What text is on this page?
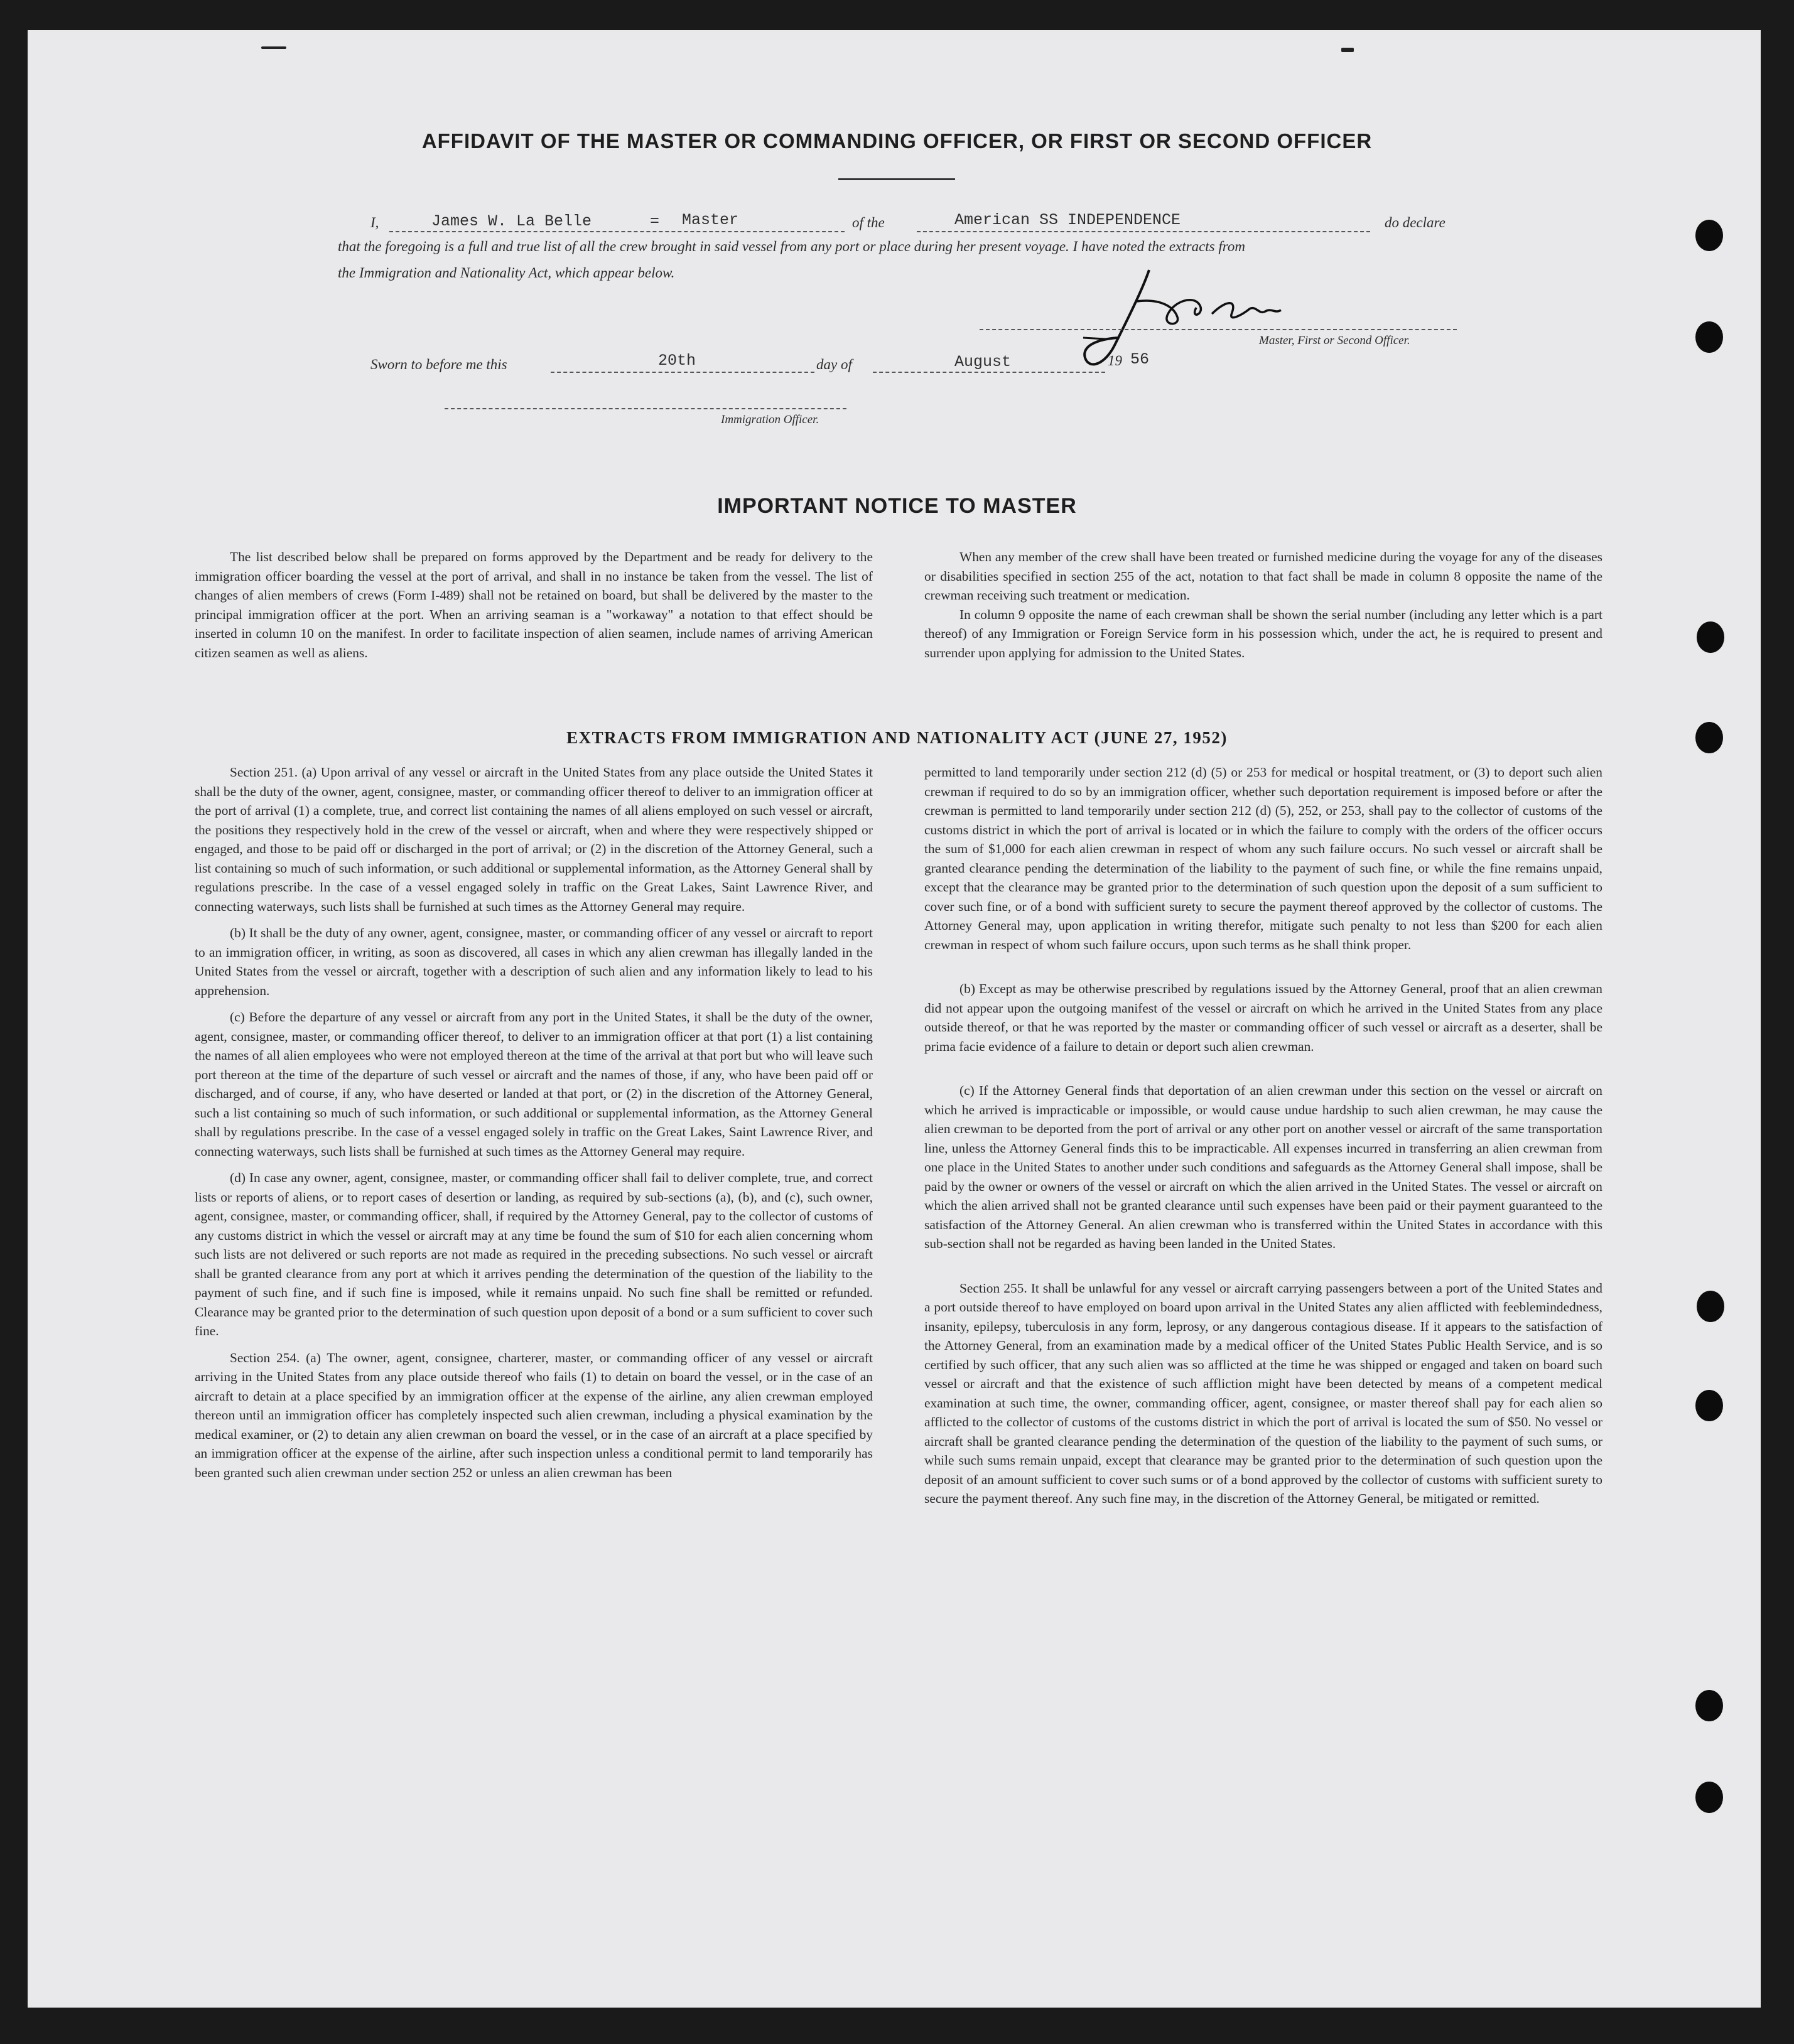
AFFIDAVIT OF THE MASTER OR COMMANDING OFFICER, OR FIRST OR SECOND OFFICER
I,	James W. La Belle	= Master	of the	American SS INDEPENDENCE	do declare
that the foregoing is a full and true list of all the crew brought in said vessel from any port or place during her present voyage. I have noted the extracts from
the Immigration and Nationality Act, which appear below.
Master, First or Second Officer.
Sworn to before me this	20th	day of	August	19 56
Immigration Officer.
IMPORTANT NOTICE TO MASTER

The list described below shall be prepared on forms approved by the Department and be ready for delivery to the immigration officer boarding the vessel at the port of arrival, and shall in no instance be taken from the vessel. The list of changes of alien members of crews (Form I-489) shall not be retained on board, but shall be delivered by the master to the principal immigration officer at the port. When an arriving seaman is a "workaway" a notation to that effect should be inserted in column 10 on the manifest. In order to facilitate inspection of alien seamen, include names of arriving American citizen seamen as well as aliens.

When any member of the crew shall have been treated or furnished medicine during the voyage for any of the diseases or disabilities specified in section 255 of the act, notation to that fact shall be made in column 8 opposite the name of the crewman receiving such treatment or medication.

In column 9 opposite the name of each crewman shall be shown the serial number (including any letter which is a part thereof) of any Immigration or Foreign Service form in his possession which, under the act, he is required to present and surrender upon applying for admission to the United States.

EXTRACTS FROM IMMIGRATION AND NATIONALITY ACT (JUNE 27, 1952)

Section 251. (a) Upon arrival of any vessel or aircraft in the United States from any place outside the United States it shall be the duty of the owner, agent, consignee, master, or commanding officer thereof to deliver to an immigration officer at the port of arrival (1) a complete, true, and correct list containing the names of all aliens employed on such vessel or aircraft, the positions they respectively hold in the crew of the vessel or aircraft, when and where they were respectively shipped or engaged, and those to be paid off or discharged in the port of arrival; or (2) in the discretion of the Attorney General, such a list containing so much of such information, or such additional or supplemental information, as the Attorney General shall by regulations prescribe. In the case of a vessel engaged solely in traffic on the Great Lakes, Saint Lawrence River, and connecting waterways, such lists shall be furnished at such times as the Attorney General may require.

(b) It shall be the duty of any owner, agent, consignee, master, or commanding officer of any vessel or aircraft to report to an immigration officer, in writing, as soon as discovered, all cases in which any alien crewman has illegally landed in the United States from the vessel or aircraft, together with a description of such alien and any information likely to lead to his apprehension.

(c) Before the departure of any vessel or aircraft from any port in the United States, it shall be the duty of the owner, agent, consignee, master, or commanding officer thereof, to deliver to an immigration officer at that port (1) a list containing the names of all alien employees who were not employed thereon at the time of the arrival at that port but who will leave such port thereon at the time of the departure of such vessel or aircraft and the names of those, if any, who have been paid off or discharged, and of course, if any, who have deserted or landed at that port, or (2) in the discretion of the Attorney General, such a list containing so much of such information, or such additional or supplemental information, as the Attorney General shall by regulations prescribe. In the case of a vessel engaged solely in traffic on the Great Lakes, Saint Lawrence River, and connecting waterways, such lists shall be furnished at such times as the Attorney General may require.

(d) In case any owner, agent, consignee, master, or commanding officer shall fail to deliver complete, true, and correct lists or reports of aliens, or to report cases of desertion or landing, as required by sub-sections (a), (b), and (c), such owner, agent, consignee, master, or commanding officer, shall, if required by the Attorney General, pay to the collector of customs of any customs district in which the vessel or aircraft may at any time be found the sum of $10 for each alien concerning whom such lists are not delivered or such reports are not made as required in the preceding subsections. No such vessel or aircraft shall be granted clearance from any port at which it arrives pending the determination of the question of the liability to the payment of such fine, and if such fine is imposed, while it remains unpaid. No such fine shall be remitted or refunded. Clearance may be granted prior to the determination of such question upon deposit of a bond or a sum sufficient to cover such fine.

Section 254. (a) The owner, agent, consignee, charterer, master, or commanding officer of any vessel or aircraft arriving in the United States from any place outside thereof who fails (1) to detain on board the vessel, or in the case of an aircraft to detain at a place specified by an immigration officer at the expense of the airline, any alien crewman employed thereon until an immigration officer has completely inspected such alien crewman, including a physical examination by the medical examiner, or (2) to detain any alien crewman on board the vessel, or in the case of an aircraft at a place specified by an immigration officer at the expense of the airline, after such inspection unless a conditional permit to land temporarily has been granted such alien crewman under section 252 or unless an alien crewman has been

permitted to land temporarily under section 212 (d) (5) or 253 for medical or hospital treatment, or (3) to deport such alien crewman if required to do so by an immigration officer, whether such deportation requirement is imposed before or after the crewman is permitted to land temporarily under section 212 (d) (5), 252, or 253, shall pay to the collector of customs of the customs district in which the port of arrival is located or in which the failure to comply with the orders of the officer occurs the sum of $1,000 for each alien crewman in respect of whom any such failure occurs. No such vessel or aircraft shall be granted clearance pending the determination of the liability to the payment of such fine, or while the fine remains unpaid, except that the clearance may be granted prior to the determination of such question upon the deposit of a sum sufficient to cover such fine, or of a bond with sufficient surety to secure the payment thereof approved by the collector of customs. The Attorney General may, upon application in writing therefor, mitigate such penalty to not less than $200 for each alien crewman in respect of whom such failure occurs, upon such terms as he shall think proper.

(b) Except as may be otherwise prescribed by regulations issued by the Attorney General, proof that an alien crewman did not appear upon the outgoing manifest of the vessel or aircraft on which he arrived in the United States from any place outside thereof, or that he was reported by the master or commanding officer of such vessel or aircraft as a deserter, shall be prima facie evidence of a failure to detain or deport such alien crewman.

(c) If the Attorney General finds that deportation of an alien crewman under this section on the vessel or aircraft on which he arrived is impracticable or impossible, or would cause undue hardship to such alien crewman, he may cause the alien crewman to be deported from the port of arrival or any other port on another vessel or aircraft of the same transportation line, unless the Attorney General finds this to be impracticable. All expenses incurred in transferring an alien crewman from one place in the United States to another under such conditions and safeguards as the Attorney General shall impose, shall be paid by the owner or owners of the vessel or aircraft on which the alien arrived in the United States. The vessel or aircraft on which the alien arrived shall not be granted clearance until such expenses have been paid or their payment guaranteed to the satisfaction of the Attorney General. An alien crewman who is transferred within the United States in accordance with this sub-section shall not be regarded as having been landed in the United States.

Section 255. It shall be unlawful for any vessel or aircraft carrying passengers between a port of the United States and a port outside thereof to have employed on board upon arrival in the United States any alien afflicted with feeblemindedness, insanity, epilepsy, tuberculosis in any form, leprosy, or any dangerous contagious disease. If it appears to the satisfaction of the Attorney General, from an examination made by a medical officer of the United States Public Health Service, and is so certified by such officer, that any such alien was so afflicted at the time he was shipped or engaged and taken on board such vessel or aircraft and that the existence of such affliction might have been detected by means of a competent medical examination at such time, the owner, commanding officer, agent, consignee, or master thereof shall pay for each alien so afflicted to the collector of customs of the customs district in which the port of arrival is located the sum of $50. No vessel or aircraft shall be granted clearance pending the determination of the question of the liability to the payment of such sums, or while such sums remain unpaid, except that clearance may be granted prior to the determination of such question upon the deposit of an amount sufficient to cover such sums or of a bond approved by the collector of customs with sufficient surety to secure the payment thereof. Any such fine may, in the discretion of the Attorney General, be mitigated or remitted.
